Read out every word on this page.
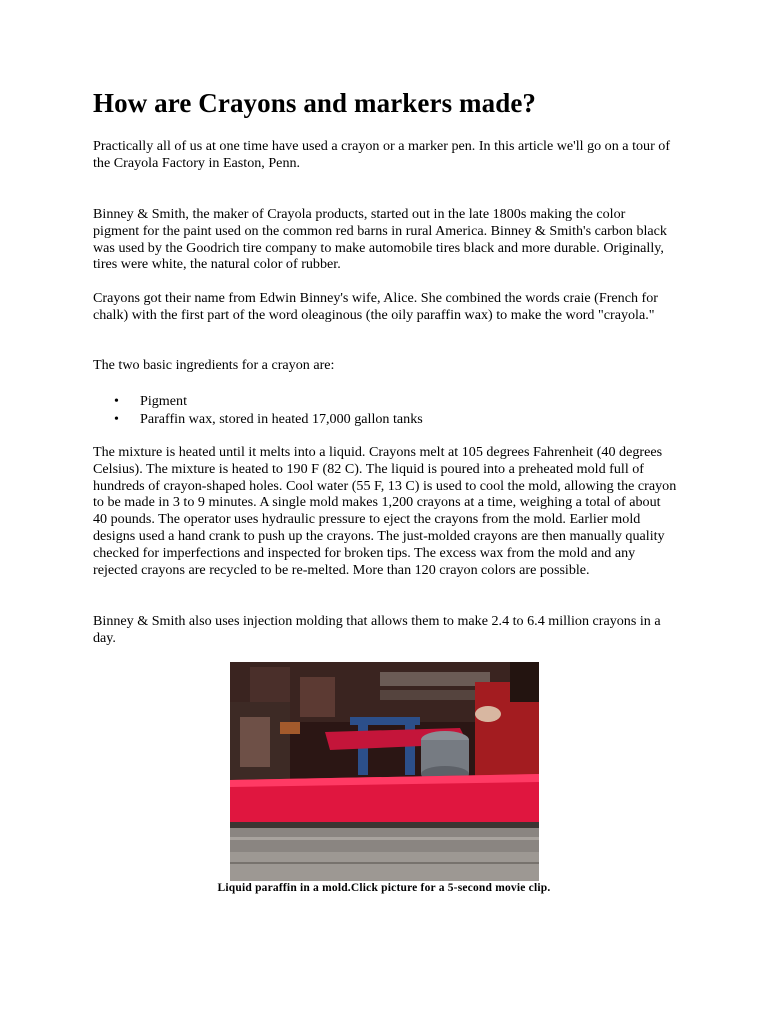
How are Crayons and markers made?

Practically all of us at one time have used a crayon or a marker pen. In this article we'll go on a tour of the Crayola Factory in Easton, Penn.

Binney & Smith, the maker of Crayola products, started out in the late 1800s making the color pigment for the paint used on the common red barns in rural America. Binney & Smith's carbon black was used by the Goodrich tire company to make automobile tires black and more durable. Originally, tires were white, the natural color of rubber.

Crayons got their name from Edwin Binney's wife, Alice. She combined the words craie (French for chalk) with the first part of the word oleaginous (the oily paraffin wax) to make the word "crayola."

The two basic ingredients for a crayon are:

• Pigment
• Paraffin wax, stored in heated 17,000 gallon tanks

The mixture is heated until it melts into a liquid. Crayons melt at 105 degrees Fahrenheit (40 degrees Celsius). The mixture is heated to 190 F (82 C). The liquid is poured into a preheated mold full of hundreds of crayon-shaped holes. Cool water (55 F, 13 C) is used to cool the mold, allowing the crayon to be made in 3 to 9 minutes. A single mold makes 1,200 crayons at a time, weighing a total of about 40 pounds. The operator uses hydraulic pressure to eject the crayons from the mold. Earlier mold designs used a hand crank to push up the crayons. The just-molded crayons are then manually quality checked for imperfections and inspected for broken tips. The excess wax from the mold and any rejected crayons are recycled to be re-melted. More than 120 crayon colors are possible.

Binney & Smith also uses injection molding that allows them to make 2.4 to 6.4 million crayons in a day.

Liquid paraffin in a mold.Click picture for a 5-second movie clip.
